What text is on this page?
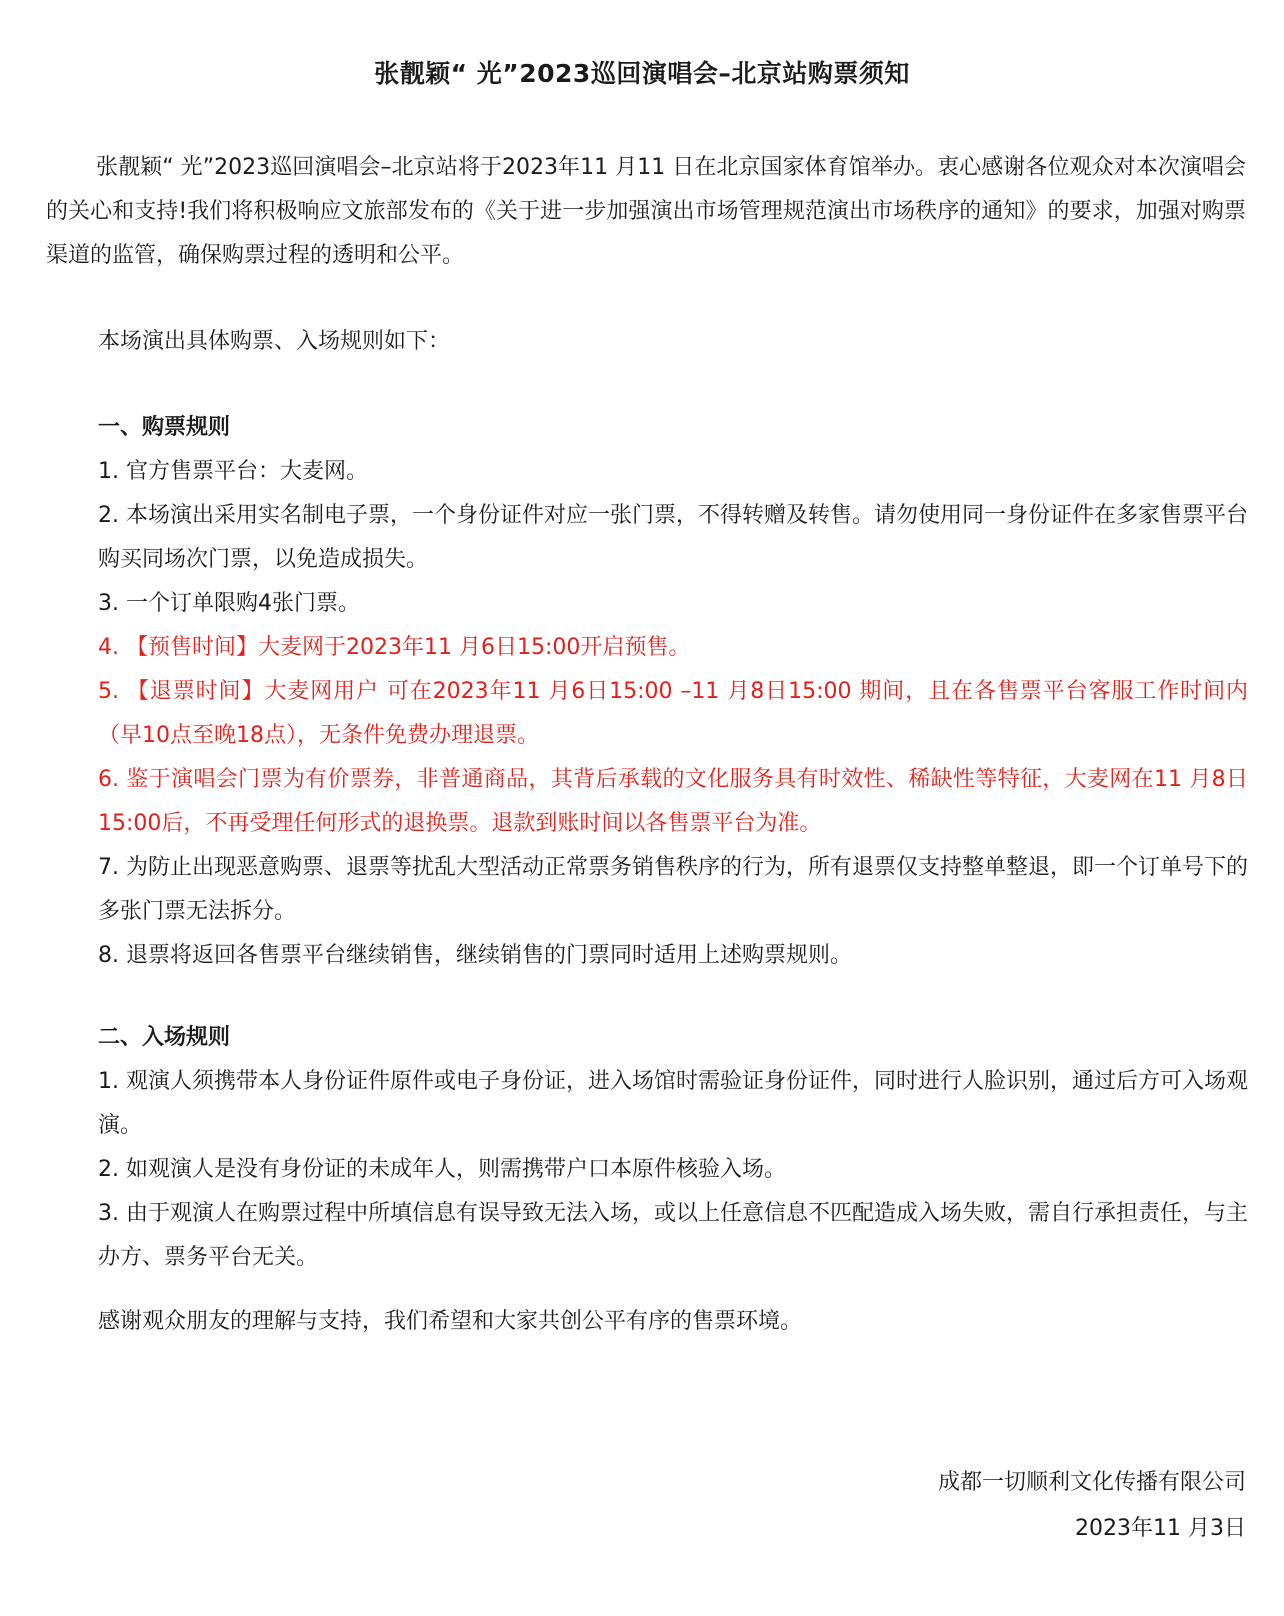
张靓颖“ 光”2023巡回演唱会–北京站购票须知

张靓颖“ 光”2023巡回演唱会–北京站将于2023年11 月11 日在北京国家体育馆举办。衷心感谢各位观众对本次演唱会的关心和支持!我们将积极响应文旅部发布的《关于进一步加强演出市场管理规范演出市场秩序的通知》的要求，加强对购票渠道的监管，确保购票过程的透明和公平。

本场演出具体购票、入场规则如下：

一、购票规则
1. 官方售票平台：大麦网。
2. 本场演出采用实名制电子票，一个身份证件对应一张门票，不得转赠及转售。请勿使用同一身份证件在多家售票平台购买同场次门票，以免造成损失。
3. 一个订单限购4张门票。
4. 【预售时间】大麦网于2023年11 月6日15:00开启预售。
5. 【退票时间】大麦网用户 可在2023年11 月6日15:00 –11 月8日15:00 期间，且在各售票平台客服工作时间内（早10点至晚18点），无条件免费办理退票。
6. 鉴于演唱会门票为有价票券，非普通商品，其背后承载的文化服务具有时效性、稀缺性等特征，大麦网在11 月8日15:00后，不再受理任何形式的退换票。退款到账时间以各售票平台为准。
7. 为防止出现恶意购票、退票等扰乱大型活动正常票务销售秩序的行为，所有退票仅支持整单整退，即一个订单号下的多张门票无法拆分。
8. 退票将返回各售票平台继续销售，继续销售的门票同时适用上述购票规则。
二、入场规则
1. 观演人须携带本人身份证件原件或电子身份证，进入场馆时需验证身份证件，同时进行人脸识别，通过后方可入场观演。
2. 如观演人是没有身份证的未成年人，则需携带户口本原件核验入场。
3. 由于观演人在购票过程中所填信息有误导致无法入场，或以上任意信息不匹配造成入场失败，需自行承担责任，与主办方、票务平台无关。

感谢观众朋友的理解与支持，我们希望和大家共创公平有序的售票环境。

成都一切顺利文化传播有限公司
2023年11 月3日
